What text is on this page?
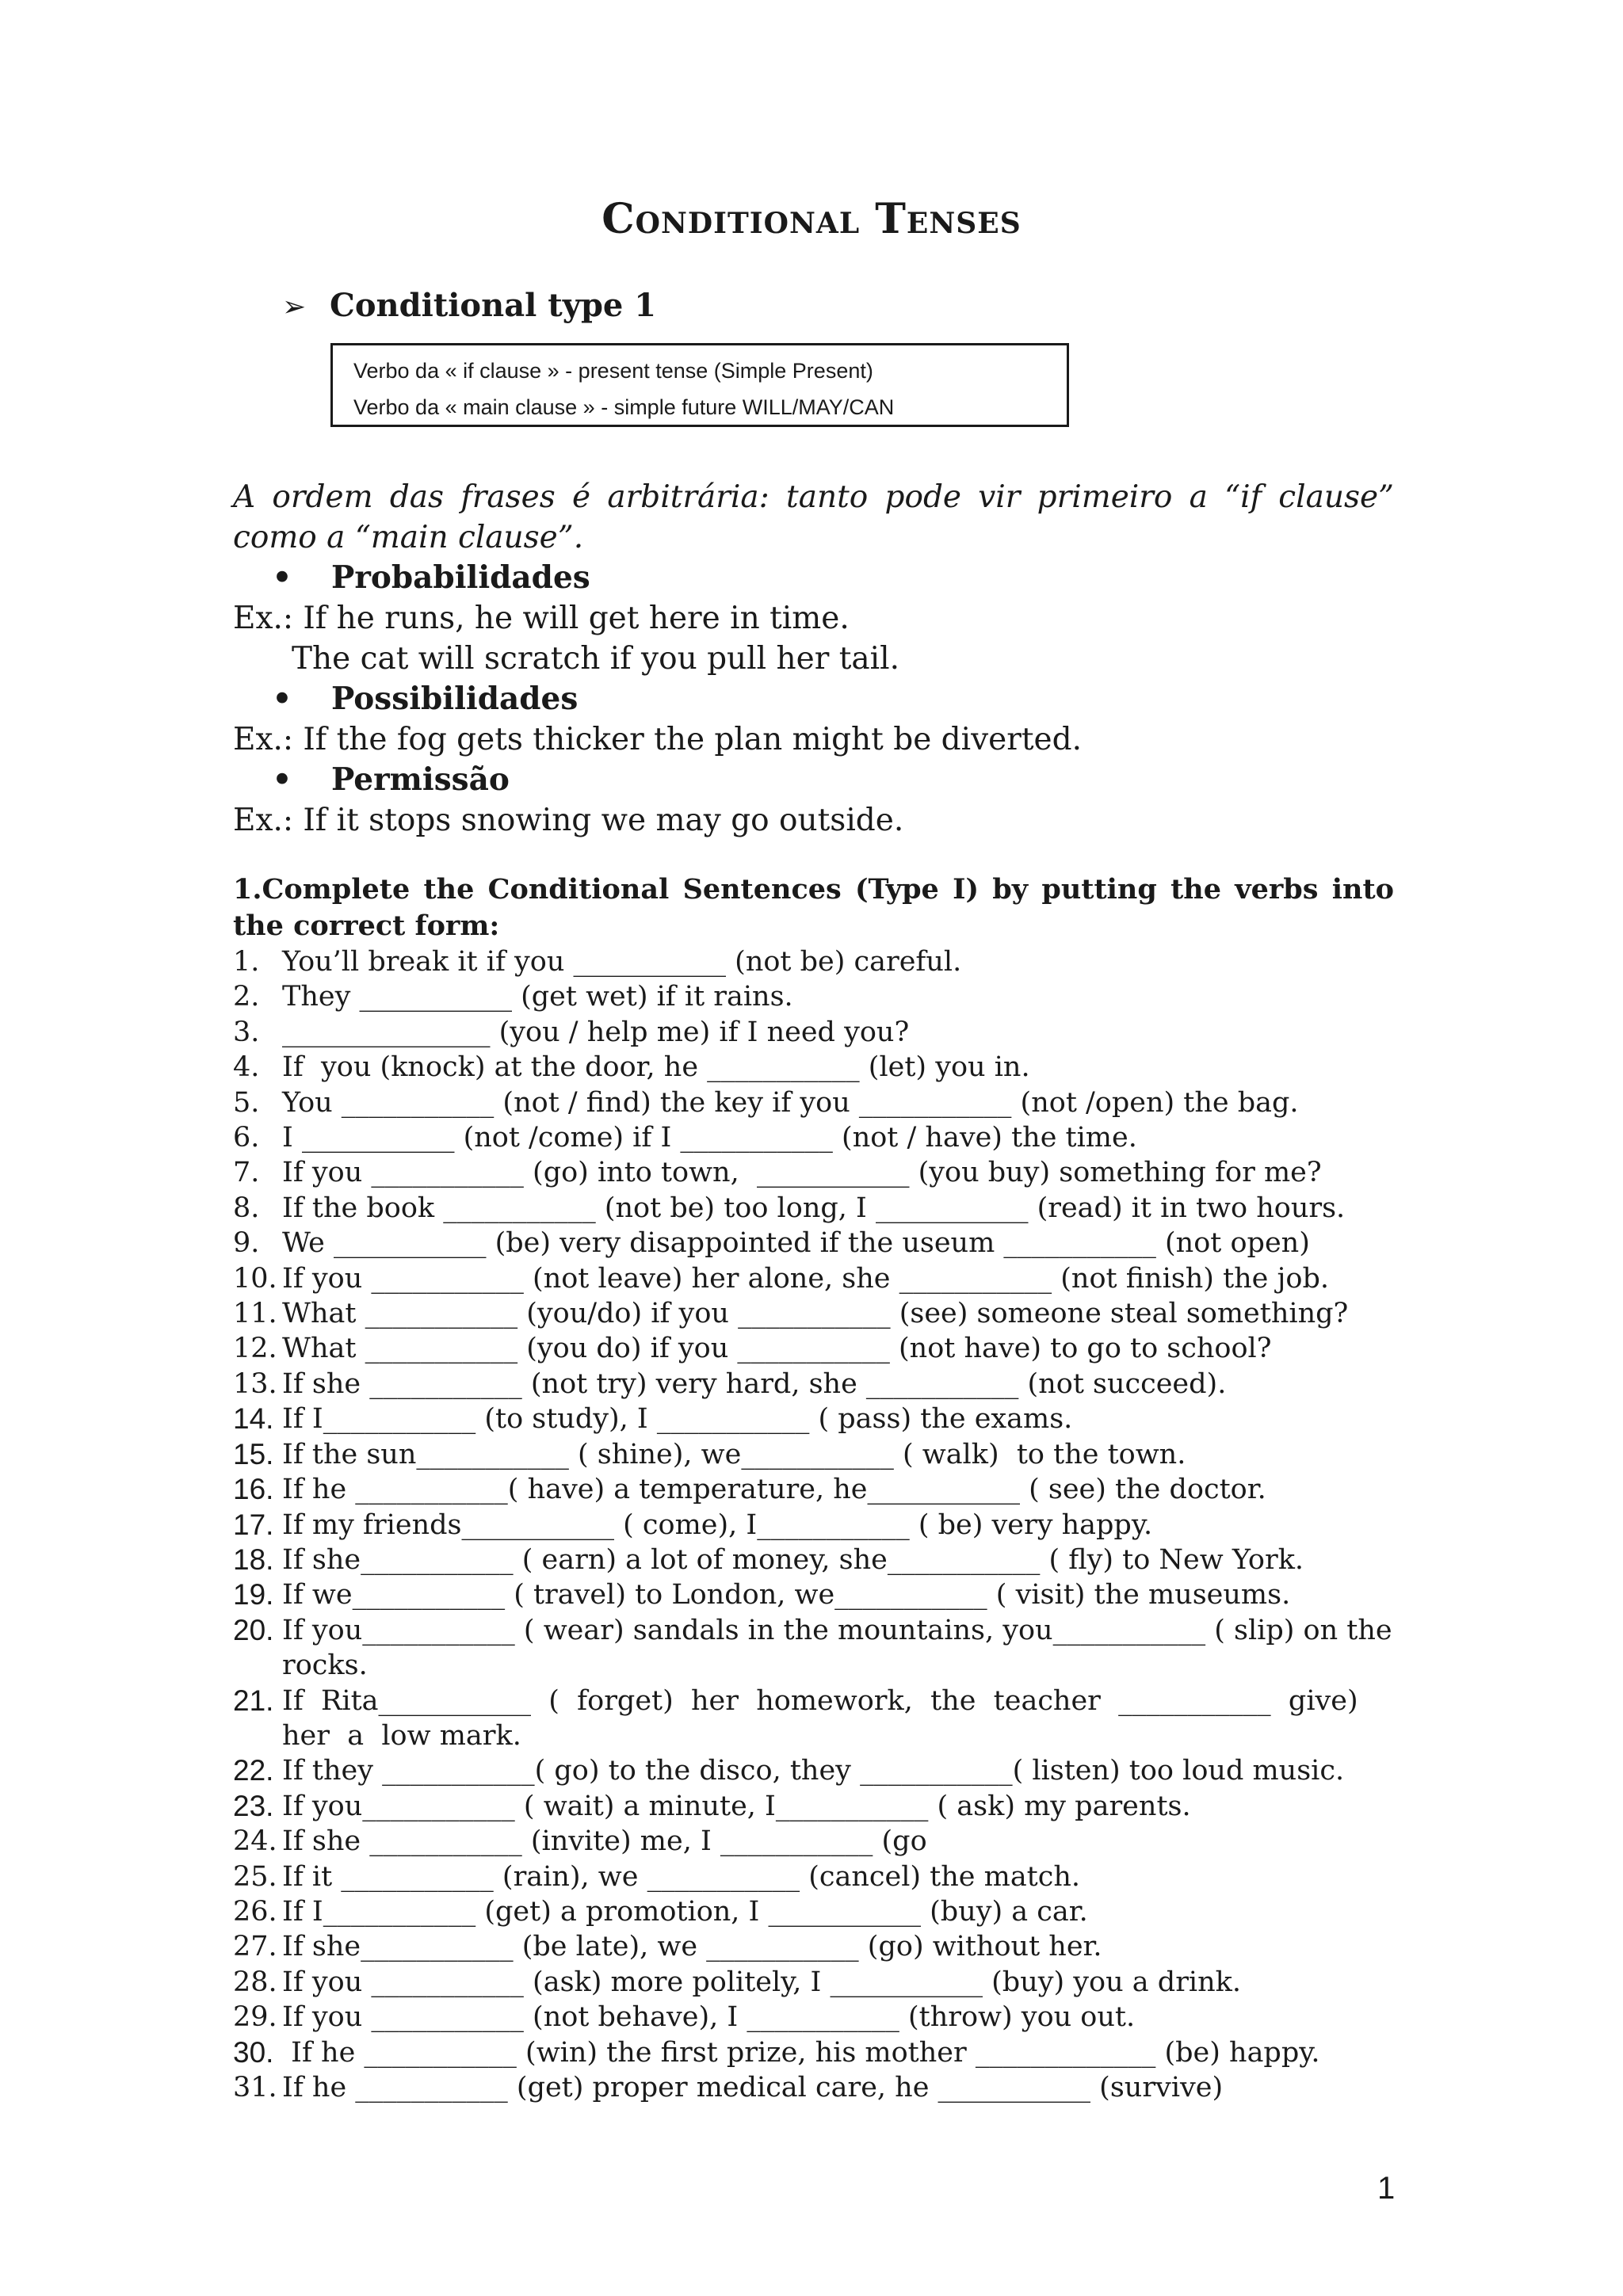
Conditional Tenses
➢ Conditional type 1
Verbo da « if clause » - present tense (Simple Present)
Verbo da « main clause » - simple future WILL/MAY/CAN

A ordem das frases é arbitrária: tanto pode vir primeiro a “if clause” como a “main clause”.

• Probabilidades

Ex.: If he runs, he will get here in time.

The cat will scratch if you pull her tail.

• Possibilidades

Ex.: If the fog gets thicker the plan might be diverted.

• Permissão

Ex.: If it stops snowing we may go outside.

1.Complete the Conditional Sentences (Type I) by putting the verbs into the correct form:

1. You’ll break it if you ___________ (not be) careful.
2. They ___________ (get wet) if it rains.
3. _______________ (you / help me) if I need you?
4. If  you (knock) at the door, he ___________ (let) you in.
5. You ___________ (not / find) the key if you ___________ (not /open) the bag.
6. I ___________ (not /come) if I ___________ (not / have) the time.
7. If you ___________ (go) into town,  ___________ (you buy) something for me?
8. If the book ___________ (not be) too long, I ___________ (read) it in two hours.
9. We ___________ (be) very disappointed if the useum ___________ (not open)
10. If you ___________ (not leave) her alone, she ___________ (not finish) the job.
11. What ___________ (you/do) if you ___________ (see) someone steal something?
12. What ___________ (you do) if you ___________ (not have) to go to school?
13. If she ___________ (not try) very hard, she ___________ (not succeed).
14. If I___________ (to study), I ___________ ( pass) the exams.
15. If the sun___________ ( shine), we___________ ( walk)  to the town.
16. If he ___________( have) a temperature, he___________ ( see) the doctor.
17. If my friends___________ ( come), I___________ ( be) very happy.
18. If she___________ ( earn) a lot of money, she___________ ( fly) to New York.
19. If we___________ ( travel) to London, we___________ ( visit) the museums.
20. If you___________ ( wear) sandals in the mountains, you___________ ( slip) on the rocks.
21. If  Rita___________  (  forget)  her  homework,  the  teacher  ___________  give)  her  a  low mark.
22. If they ___________( go) to the disco, they ___________( listen) too loud music.
23. If you___________ ( wait) a minute, I___________ ( ask) my parents.
24. If she ___________ (invite) me, I ___________ (go
25. If it ___________ (rain), we ___________ (cancel) the match.
26. If I___________ (get) a promotion, I ___________ (buy) a car.
27. If she___________ (be late), we ___________ (go) without her.
28. If you ___________ (ask) more politely, I ___________ (buy) you a drink.
29. If you ___________ (not behave), I ___________ (throw) you out.
30. If he ___________ (win) the first prize, his mother _____________ (be) happy.
31. If he ___________ (get) proper medical care, he ___________ (survive)
1
